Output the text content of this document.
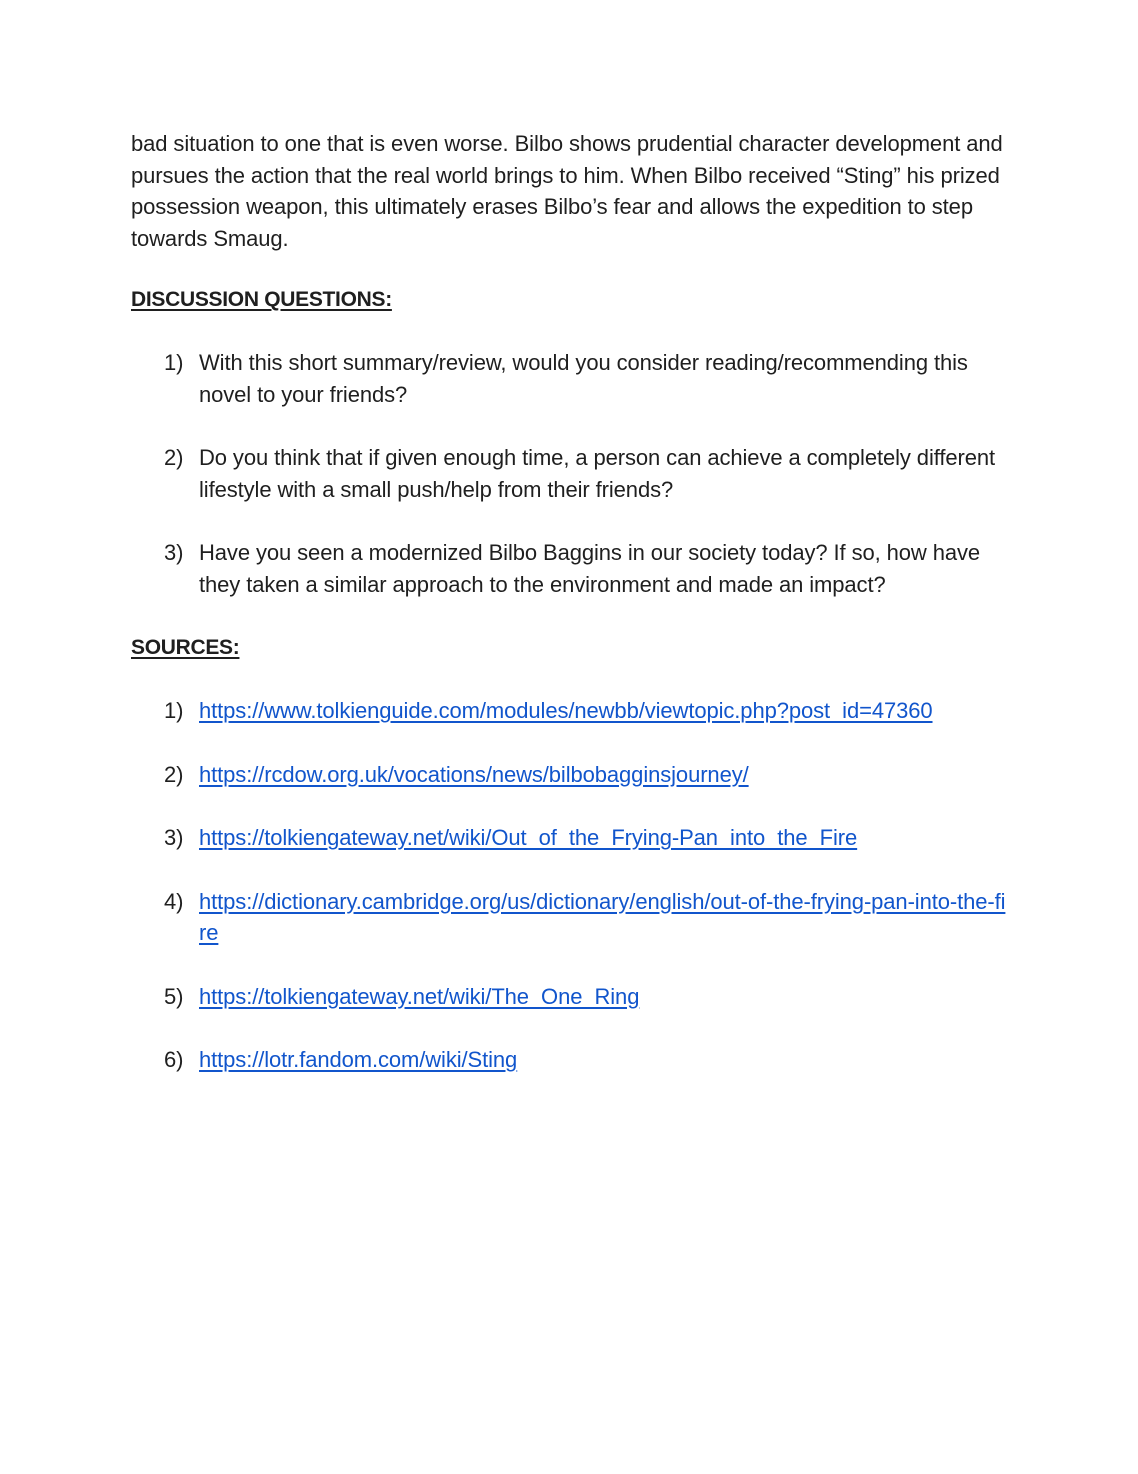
bad situation to one that is even worse. Bilbo shows prudential character development and pursues the action that the real world brings to him. When Bilbo received “Sting” his prized possession weapon, this ultimately erases Bilbo’s fear and allows the expedition to step towards Smaug.

DISCUSSION QUESTIONS:
1) With this short summary/review, would you consider reading/recommending this novel to your friends?
2) Do you think that if given enough time, a person can achieve a completely different lifestyle with a small push/help from their friends?
3) Have you seen a modernized Bilbo Baggins in our society today? If so, how have they taken a similar approach to the environment and made an impact?
SOURCES:
1) https://www.tolkienguide.com/modules/newbb/viewtopic.php?post_id=47360
2) https://rcdow.org.uk/vocations/news/bilbobagginsjourney/
3) https://tolkiengateway.net/wiki/Out_of_the_Frying-Pan_into_the_Fire
4) https://dictionary.cambridge.org/us/dictionary/english/out-of-the-frying-pan-into-the-fire
5) https://tolkiengateway.net/wiki/The_One_Ring
6) https://lotr.fandom.com/wiki/Sting
